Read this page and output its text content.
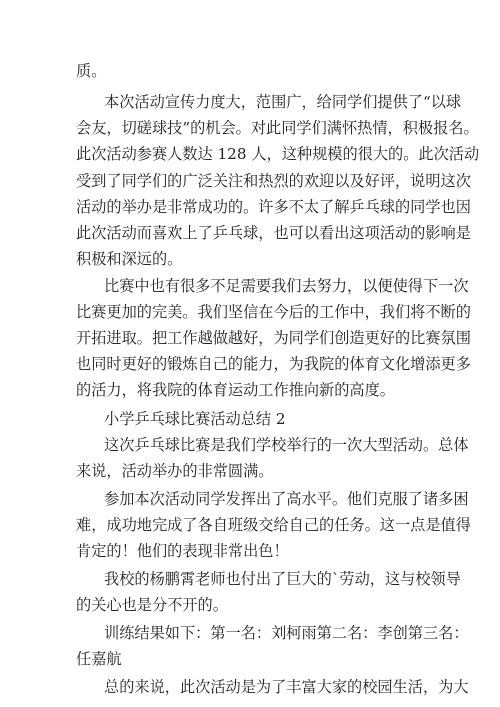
质。
本次活动宣传力度大，范围广，给同学们提供了“以球
会友，切磋球技”的机会。对此同学们满怀热情，积极报名。
此次活动参赛人数达 128 人，这种规模的很大的。此次活动
受到了同学们的广泛关注和热烈的欢迎以及好评，说明这次
活动的举办是非常成功的。许多不太了解乒乓球的同学也因
此次活动而喜欢上了乒乓球，也可以看出这项活动的影响是
积极和深远的。
比赛中也有很多不足需要我们去努力，以便使得下一次
比赛更加的完美。我们坚信在今后的工作中，我们将不断的
开拓进取。把工作越做越好，为同学们创造更好的比赛氛围
也同时更好的锻炼自己的能力，为我院的体育文化增添更多
的活力，将我院的体育运动工作推向新的高度。
小学乒乓球比赛活动总结 2
这次乒乓球比赛是我们学校举行的一次大型活动。总体
来说，活动举办的非常圆满。
参加本次活动同学发挥出了高水平。他们克服了诸多困
难，成功地完成了各自班级交给自己的任务。这一点是值得
肯定的！他们的表现非常出色！
我校的杨鹏霄老师也付出了巨大的ˋ劳动，这与校领导
的关心也是分不开的。
训练结果如下：第一名：刘柯雨第二名：李创第三名：
任嘉航
总的来说，此次活动是为了丰富大家的校园生活，为大
